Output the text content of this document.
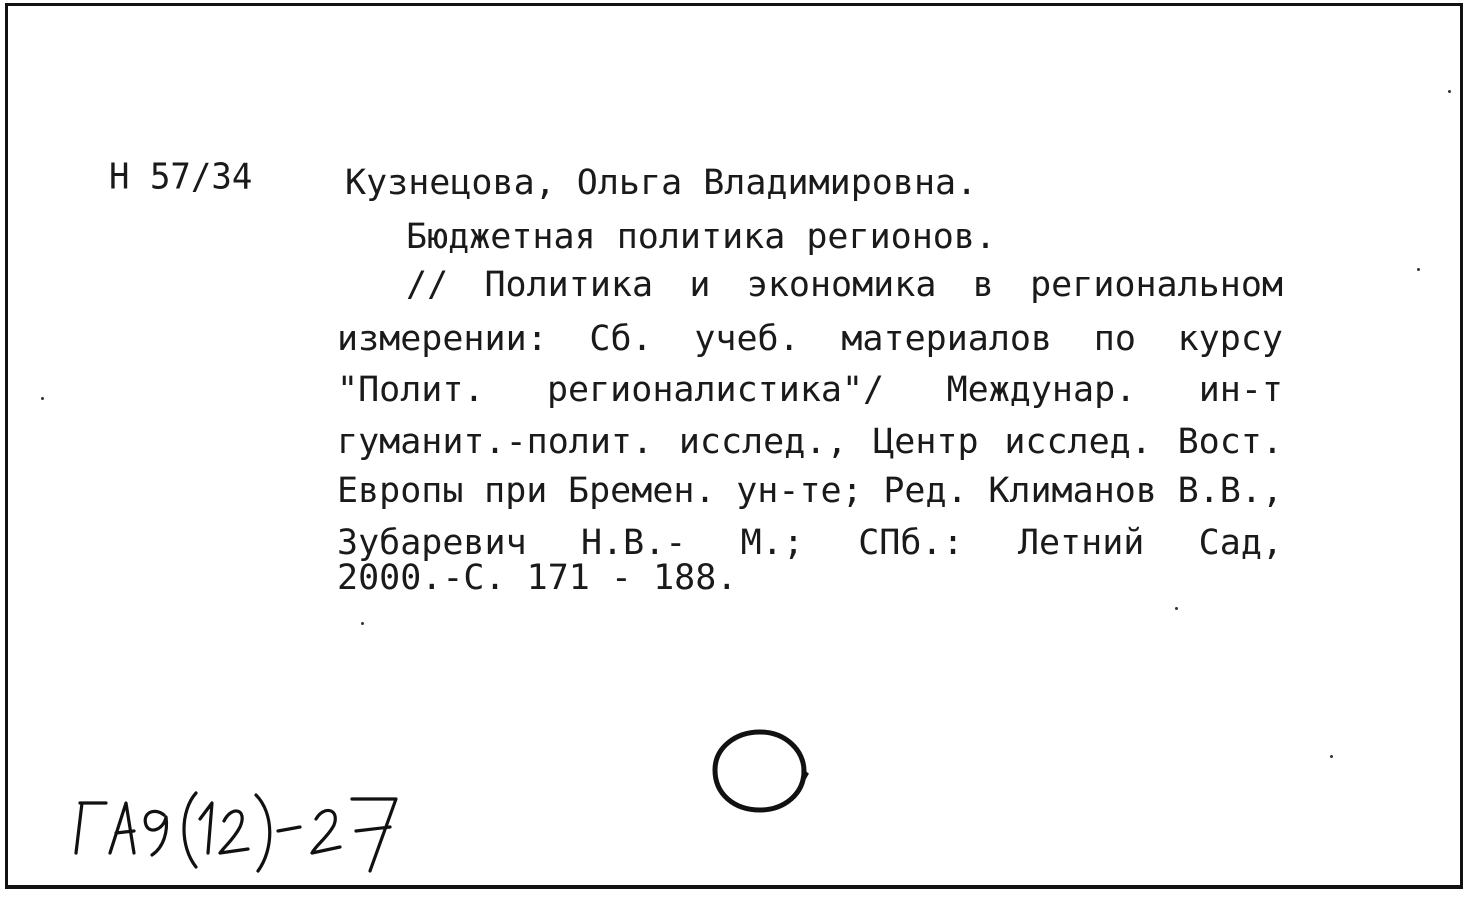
Н 57/34	Кузнецова, Ольга Владимировна.
Бюджетная политика регионов.
// Политика и экономика в региональном
измерении: Сб. учеб. материалов по курсу
"Полит. регионалистика"/ Междунар. ин-т
гуманит.-полит. исслед., Центр исслед. Вост.
Европы при Бремен. ун-те; Ред. Климанов В.В.,
Зубаревич Н.В.- М.; СПб.: Летний Сад,
2000.-С. 171 - 188.
